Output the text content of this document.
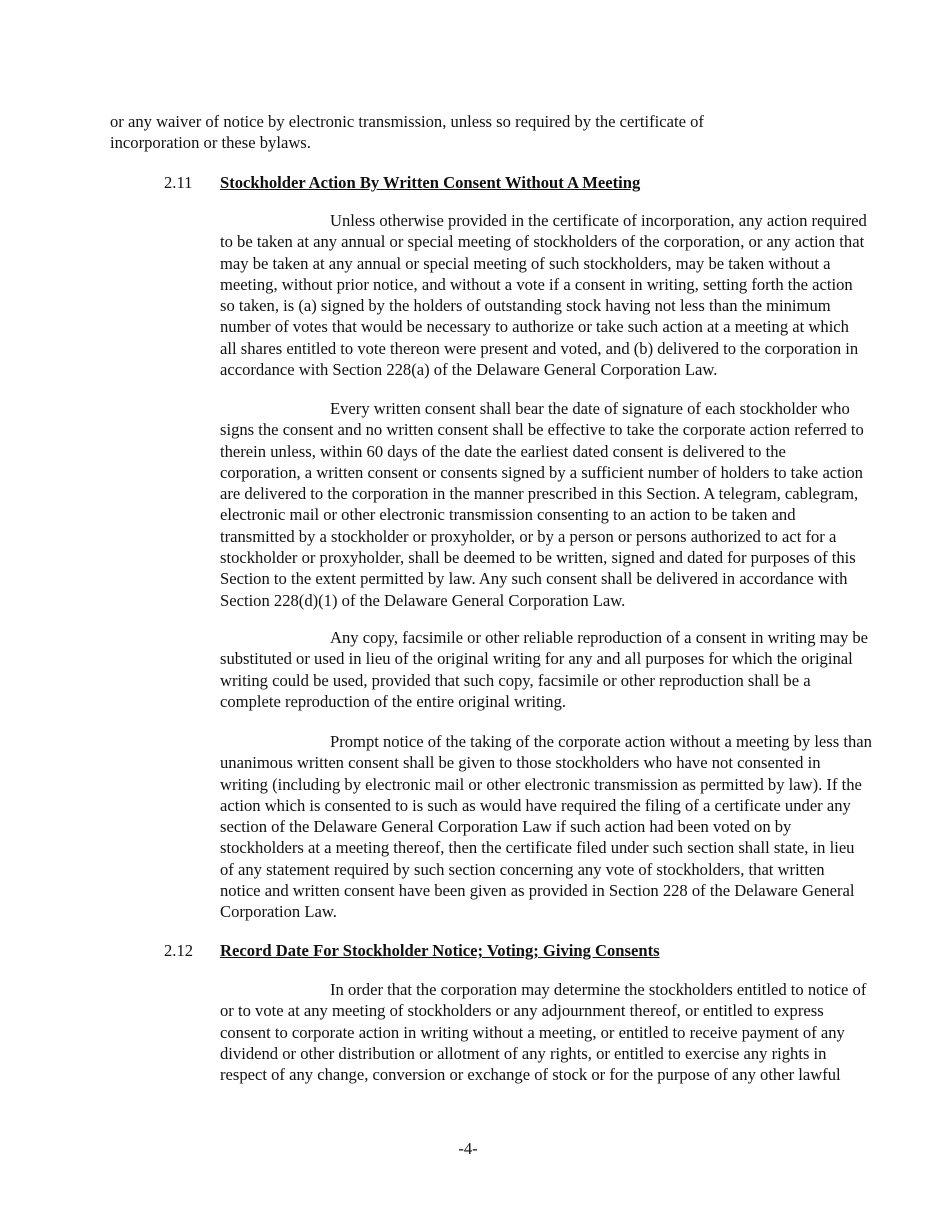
or any waiver of notice by electronic transmission, unless so required by the certificate of
incorporation or these bylaws.

2.11 Stockholder Action By Written Consent Without A Meeting

Unless otherwise provided in the certificate of incorporation, any action required
to be taken at any annual or special meeting of stockholders of the corporation, or any action that
may be taken at any annual or special meeting of such stockholders, may be taken without a
meeting, without prior notice, and without a vote if a consent in writing, setting forth the action
so taken, is (a) signed by the holders of outstanding stock having not less than the minimum
number of votes that would be necessary to authorize or take such action at a meeting at which
all shares entitled to vote thereon were present and voted, and (b) delivered to the corporation in
accordance with Section 228(a) of the Delaware General Corporation Law.

Every written consent shall bear the date of signature of each stockholder who
signs the consent and no written consent shall be effective to take the corporate action referred to
therein unless, within 60 days of the date the earliest dated consent is delivered to the
corporation, a written consent or consents signed by a sufficient number of holders to take action
are delivered to the corporation in the manner prescribed in this Section. A telegram, cablegram,
electronic mail or other electronic transmission consenting to an action to be taken and
transmitted by a stockholder or proxyholder, or by a person or persons authorized to act for a
stockholder or proxyholder, shall be deemed to be written, signed and dated for purposes of this
Section to the extent permitted by law. Any such consent shall be delivered in accordance with
Section 228(d)(1) of the Delaware General Corporation Law.

Any copy, facsimile or other reliable reproduction of a consent in writing may be
substituted or used in lieu of the original writing for any and all purposes for which the original
writing could be used, provided that such copy, facsimile or other reproduction shall be a
complete reproduction of the entire original writing.

Prompt notice of the taking of the corporate action without a meeting by less than
unanimous written consent shall be given to those stockholders who have not consented in
writing (including by electronic mail or other electronic transmission as permitted by law). If the
action which is consented to is such as would have required the filing of a certificate under any
section of the Delaware General Corporation Law if such action had been voted on by
stockholders at a meeting thereof, then the certificate filed under such section shall state, in lieu
of any statement required by such section concerning any vote of stockholders, that written
notice and written consent have been given as provided in Section 228 of the Delaware General
Corporation Law.

2.12 Record Date For Stockholder Notice; Voting; Giving Consents

In order that the corporation may determine the stockholders entitled to notice of
or to vote at any meeting of stockholders or any adjournment thereof, or entitled to express
consent to corporate action in writing without a meeting, or entitled to receive payment of any
dividend or other distribution or allotment of any rights, or entitled to exercise any rights in
respect of any change, conversion or exchange of stock or for the purpose of any other lawful

-4-
